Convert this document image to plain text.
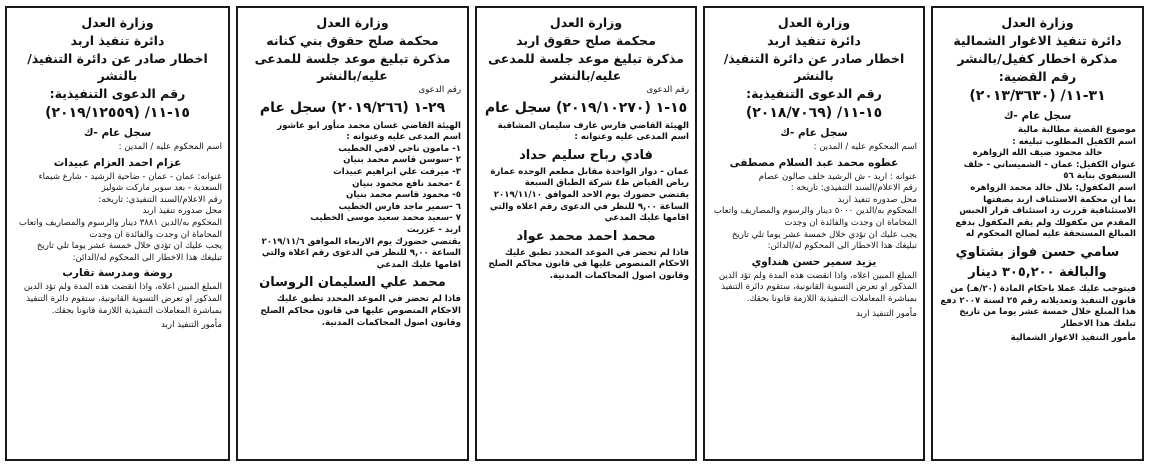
وزارة العدل
دائرة تنفيذ الاغوار الشمالية
مذكرة اخطار كفيل/بالنشر
رقم القضية:
٣١-١١/ (٢٠١٣/٣٦٣٠)
سجل عام -ك

موضوع القضية مطالبة مالية

اسم الكفيل المطلوب تبليغه :

خالد محمود ضيف الله الزواهره

عنوان الكفيل: عمان - الشميساني - خلف السيفوي بناية ٥٦

اسم المكفول: بلال خالد محمد الزواهره

بما ان محكمة الاستئناف اربد بصفتها الاستئنافية قررت رد استئناف قرار الحبس المقدم من مكفولك ولم يقم المكفول بدفع المبالغ المستحقة عليه لصالح المحكوم له

سامي حسن فواز بشتاوي
والبالغة ٣٠٥,٢٠٠ دينار

فيتوجب عليك عملا باحكام المادة (٢٠/هـ) من قانون التنفيذ وتعديلاته رقم ٢٥ لسنة ٢٠٠٧ دفع هذا المبلغ خلال خمسة عشر يوما من تاريخ تبلغك هذا الاخطار

مأمور التنفيذ الاغوار الشمالية
وزارة العدل
دائرة تنفيذ اربد
اخطار صادر عن دائرة التنفيذ/بالنشر
رقم الدعوى التنفيذية:
١٥-١١/ (٢٠١٨/٧٠٦٩)
سجل عام -ك

اسم المحكوم عليه / المدين :

عطوه محمد عبد السلام مصطفى

عنوانه : اربد - ش الرشيد خلف صالون عصام

رقم الاعلام/السند التنفيذي: تاريخه :

محل صدوره تنفيذ اربد

المحكوم به/الدين ٥٠٠٠ دينار والرسوم والمصاريف واتعاب المحاماة ان وجدت والفائدة ان وجدت

يجب عليك ان تؤدي خلال خمسة عشر يوما تلي تاريخ تبليغك هذا الاخطار الى المحكوم له/الدائن:

يزيد سمير حسن هنداوي

المبلغ المبين اعلاه، واذا انقضت هذه المدة ولم تؤد الدين المذكور او تعرض التسوية القانونية، ستقوم دائرة التنفيذ بمباشرة المعاملات التنفيذية اللازمة قانونا بحقك.

مأمور التنفيذ اربد
وزارة العدل
محكمة صلح حقوق اربد
مذكرة تبليغ موعد جلسة للمدعى عليه/بالنشر

رقم الدعوى

١٥-١ (٢٠١٩/١٠٢٧٠) سجل عام

الهيئة القاضي فارس عارف سليمان المشاقبة

اسم المدعى عليه وعنوانه :

فادي رباح سليم حداد

عمان - دوار الواحدة مقابل مطعم الوحده عمارة رياض الفياض ط٤ شركة الطباق السبعة

يقتضي حضورك يوم الاحد الموافق ٢٠١٩/١١/١٠ الساعة ٩,٠٠ للنظر في الدعوى رقم اعلاه والتي اقامها عليك المدعي

محمد احمد محمد عواد

فاذا لم تحضر في الموعد المحدد تطبق عليك الاحكام المنصوص عليها في قانون محاكم الصلح وقانون اصول المحاكمات المدنية.

وزارة العدل
محكمة صلح حقوق بني كنانه
مذكرة تبليغ موعد جلسة للمدعى عليه/بالنشر

رقم الدعوى

٢٩-١ (٢٠١٩/٢٦٦) سجل عام

الهيئة القاضي غسان محمد منأور ابو عاشور

اسم المدعى عليه وعنوانه :

١- مامون ناجي لافي الخطيب
٢ -سوسن قاسم محمد بنيان
٣- ميرفت علي ابراهيم عبيدات
٤ -محمد نافع محمود بنيان
٥- محمود قاسم محمد بنيان
٦ -سمير ماجد فارس الخطيب
٧ -سعيد محمد سعيد موسى الخطيب

اربد - عزريت

يقتضي حضورك يوم الاربعاء الموافق ٢٠١٩/١١/٦ الساعة ٩,٠٠ للنظر في الدعوى رقم اعلاه والتي اقامها عليك المدعي

محمد علي السليمان الروسان

فاذا لم تحضر في الموعد المحدد تطبق عليك الاحكام المنصوص عليها في قانون محاكم الصلح وقانون اصول المحاكمات المدنية.

وزارة العدل
دائرة تنفيذ اربد
اخطار صادر عن دائرة التنفيذ/بالنشر
رقم الدعوى التنفيذية:
١٥-١١/ (٢٠١٩/١٢٥٥٩)
سجل عام -ك

اسم المحكوم عليه / المدين :

عزام احمد العزام عبيدات

عنوانه: عمان - عمان - ضاحية الرشيد - شارع شيماء السعدية - بعد سوبر ماركت شوليز

رقم الاعلام/السند التنفيذي: تاريخه:

محل صدوره تنفيذ اربد

المحكوم به/الدين ٣٨٨١ دينار والرسوم والمصاريف واتعاب المحاماة ان وجدت والفائدة ان وجدت

يجب عليك ان تؤدي خلال خمسة عشر يوما تلي تاريخ تبليغك هذا الاخطار الى المحكوم له/الدائن:

روضة ومدرسة تقارب

المبلغ المبين اعلاه، واذا انقضت هذه المدة ولم تؤد الدين المذكور او تعرض التسوية القانونية، ستقوم دائرة التنفيذ بمباشرة المعاملات التنفيذية اللازمة قانونا بحقك.

مأمور التنفيذ اربد
